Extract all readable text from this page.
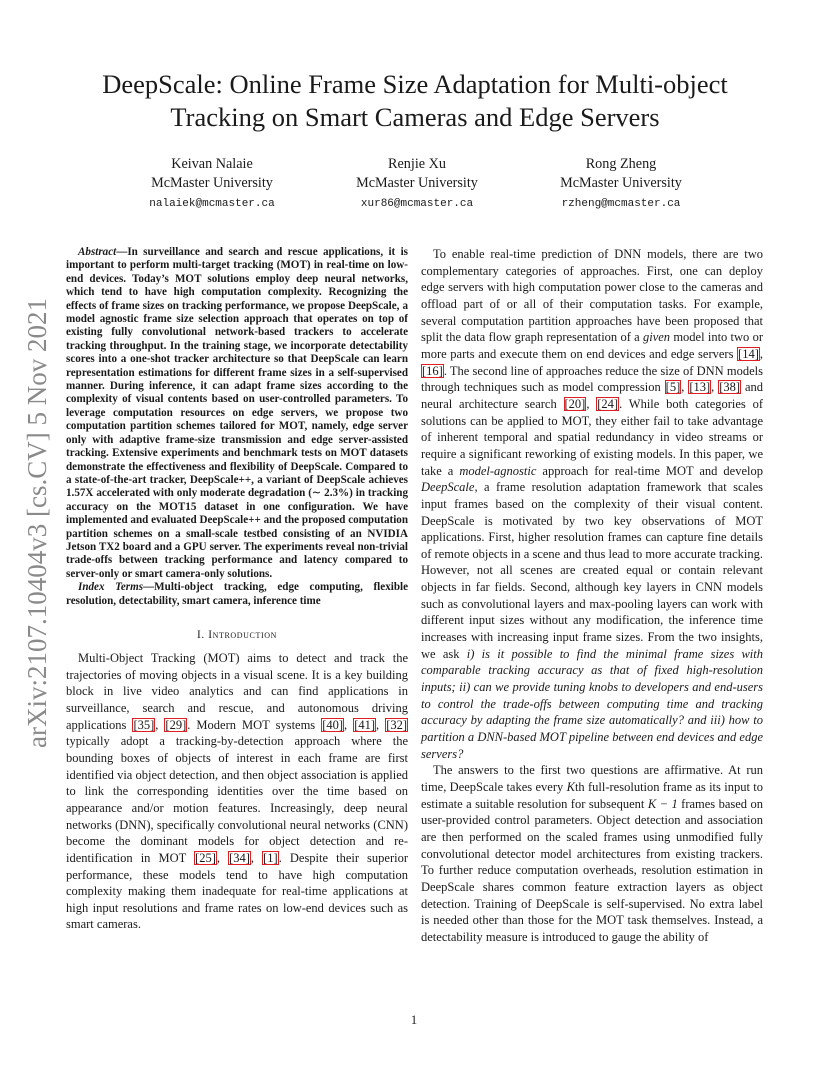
arXiv:2107.10404v3 [cs.CV] 5 Nov 2021
DeepScale: Online Frame Size Adaptation for Multi-object Tracking on Smart Cameras and Edge Servers
Keivan Nalaie
McMaster University
nalaiek@mcmaster.ca
Renjie Xu
McMaster University
xur86@mcmaster.ca
Rong Zheng
McMaster University
rzheng@mcmaster.ca

Abstract—In surveillance and search and rescue applications, it is important to perform multi-target tracking (MOT) in real-time on low-end devices. Today’s MOT solutions employ deep neural networks, which tend to have high computation complexity. Recognizing the effects of frame sizes on tracking performance, we propose DeepScale, a model agnostic frame size selection approach that operates on top of existing fully convolutional network-based trackers to accelerate tracking throughput. In the training stage, we incorporate detectability scores into a one-shot tracker architecture so that DeepScale can learn representation estimations for different frame sizes in a self-supervised manner. During inference, it can adapt frame sizes according to the complexity of visual contents based on user-controlled parameters. To leverage computation resources on edge servers, we propose two computation partition schemes tailored for MOT, namely, edge server only with adaptive frame-size transmission and edge server-assisted tracking. Extensive experiments and benchmark tests on MOT datasets demonstrate the effectiveness and flexibility of DeepScale. Compared to a state-of-the-art tracker, DeepScale++, a variant of DeepScale achieves 1.57X accelerated with only moderate degradation (∼ 2.3%) in tracking accuracy on the MOT15 dataset in one configuration. We have implemented and evaluated DeepScale++ and the proposed computation partition schemes on a small-scale testbed consisting of an NVIDIA Jetson TX2 board and a GPU server. The experiments reveal non-trivial trade-offs between tracking performance and latency compared to server-only or smart camera-only solutions.

Index Terms—Multi-object tracking, edge computing, flexible resolution, detectability, smart camera, inference time

I. Introduction

Multi-Object Tracking (MOT) aims to detect and track the trajectories of moving objects in a visual scene. It is a key building block in live video analytics and can find applications in surveillance, search and rescue, and autonomous driving applications [35], [29]. Modern MOT systems [40], [41], [32] typically adopt a tracking-by-detection approach where the bounding boxes of objects of interest in each frame are first identified via object detection, and then object association is applied to link the corresponding identities over the time based on appearance and/or motion features. Increasingly, deep neural networks (DNN), specifically convolutional neural networks (CNN) become the dominant models for object detection and re-identification in MOT [25], [34], [1]. Despite their superior performance, these models tend to have high computation complexity making them inadequate for real-time applications at high input resolutions and frame rates on low-end devices such as smart cameras.

To enable real-time prediction of DNN models, there are two complementary categories of approaches. First, one can deploy edge servers with high computation power close to the cameras and offload part of or all of their computation tasks. For example, several computation partition approaches have been proposed that split the data flow graph representation of a given model into two or more parts and execute them on end devices and edge servers [14], [16]. The second line of approaches reduce the size of DNN models through techniques such as model compression [5], [13], [38] and neural architecture search [20], [24]. While both categories of solutions can be applied to MOT, they either fail to take advantage of inherent temporal and spatial redundancy in video streams or require a significant reworking of existing models. In this paper, we take a model-agnostic approach for real-time MOT and develop DeepScale, a frame resolution adaptation framework that scales input frames based on the complexity of their visual content. DeepScale is motivated by two key observations of MOT applications. First, higher resolution frames can capture fine details of remote objects in a scene and thus lead to more accurate tracking. However, not all scenes are created equal or contain relevant objects in far fields. Second, although key layers in CNN models such as convolutional layers and max-pooling layers can work with different input sizes without any modification, the inference time increases with increasing input frame sizes. From the two insights, we ask i) is it possible to find the minimal frame sizes with comparable tracking accuracy as that of fixed high-resolution inputs; ii) can we provide tuning knobs to developers and end-users to control the trade-offs between computing time and tracking accuracy by adapting the frame size automatically? and iii) how to partition a DNN-based MOT pipeline between end devices and edge servers?

The answers to the first two questions are affirmative. At run time, DeepScale takes every Kth full-resolution frame as its input to estimate a suitable resolution for subsequent K − 1 frames based on user-provided control parameters. Object detection and association are then performed on the scaled frames using unmodified fully convolutional detector model architectures from existing trackers. To further reduce computation overheads, resolution estimation in DeepScale shares common feature extraction layers as object detection. Training of DeepScale is self-supervised. No extra label is needed other than those for the MOT task themselves. Instead, a detectability measure is introduced to gauge the ability of

1
